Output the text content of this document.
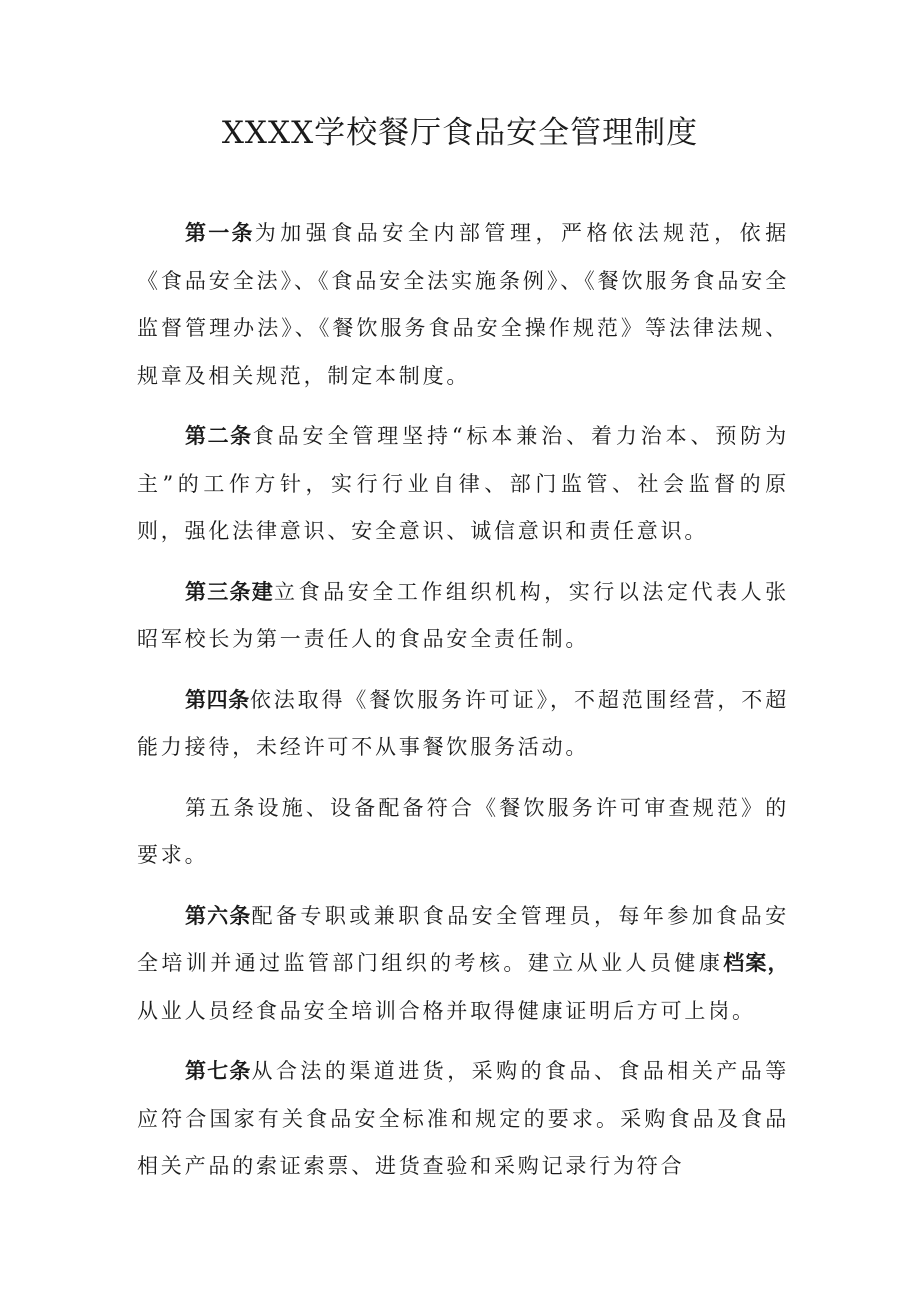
XXXX学校餐厅食品安全管理制度

第一条为加强食品安全内部管理，严格依法规范，依据《食品安全法》、《食品安全法实施条例》、《餐饮服务食品安全监督管理办法》、《餐饮服务食品安全操作规范》等法律法规、规章及相关规范，制定本制度。

第二条食品安全管理坚持“标本兼治、着力治本、预防为主”的工作方针，实行行业自律、部门监管、社会监督的原则，强化法律意识、安全意识、诚信意识和责任意识。

第三条建立食品安全工作组织机构，实行以法定代表人张昭军校长为第一责任人的食品安全责任制。

第四条依法取得《餐饮服务许可证》，不超范围经营，不超能力接待，未经许可不从事餐饮服务活动。

第五条设施、设备配备符合《餐饮服务许可审查规范》的要求。

第六条配备专职或兼职食品安全管理员，每年参加食品安全培训并通过监管部门组织的考核。建立从业人员健康档案，从业人员经食品安全培训合格并取得健康证明后方可上岗。

第七条从合法的渠道进货，采购的食品、食品相关产品等应符合国家有关食品安全标准和规定的要求。采购食品及食品相关产品的索证索票、进货查验和采购记录行为符合
